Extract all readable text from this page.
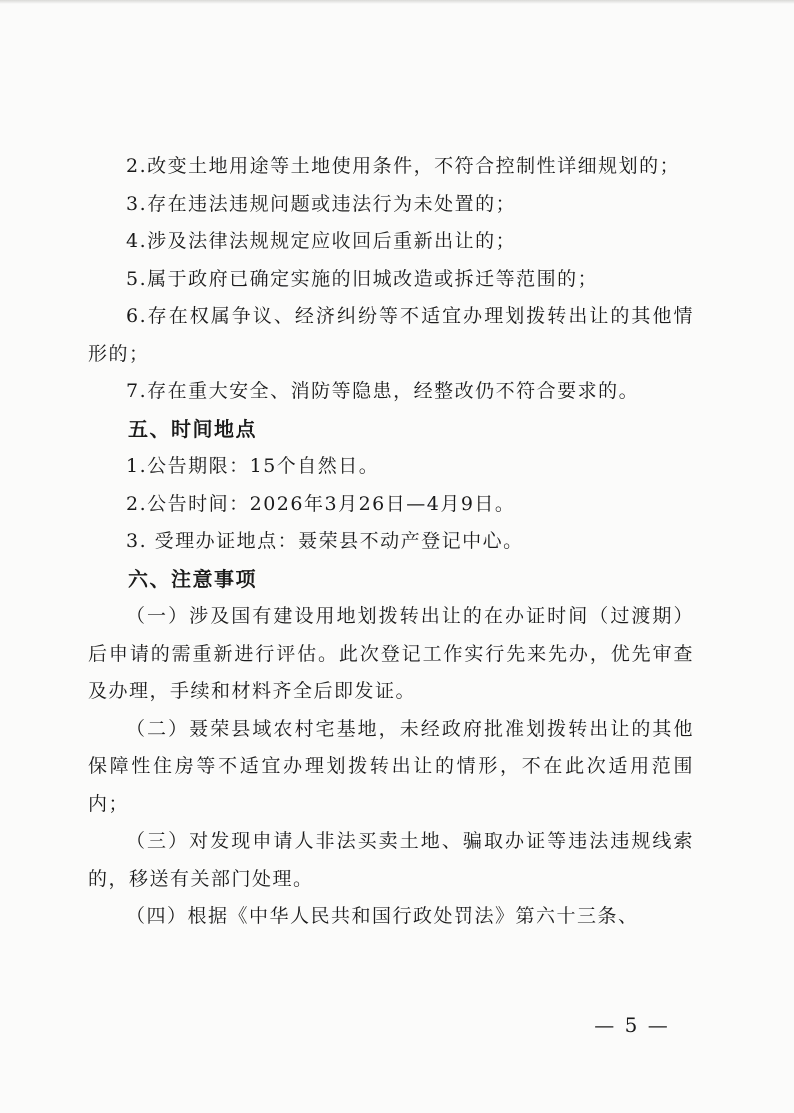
2.改变土地用途等土地使用条件，不符合控制性详细规划的；

3.存在违法违规问题或违法行为未处置的；

4.涉及法律法规规定应收回后重新出让的；

5.属于政府已确定实施的旧城改造或拆迁等范围的；

6.存在权属争议、经济纠纷等不适宜办理划拨转出让的其他情形的；

7.存在重大安全、消防等隐患，经整改仍不符合要求的。

五、时间地点

1.公告期限：15个自然日。

2.公告时间：2026年3月26日—4月9日。

3. 受理办证地点：聂荣县不动产登记中心。

六、注意事项

（一）涉及国有建设用地划拨转出让的在办证时间（过渡期）后申请的需重新进行评估。此次登记工作实行先来先办，优先审查及办理，手续和材料齐全后即发证。

（二）聂荣县域农村宅基地，未经政府批准划拨转出让的其他保障性住房等不适宜办理划拨转出让的情形，不在此次适用范围内；

（三）对发现申请人非法买卖土地、骗取办证等违法违规线索的，移送有关部门处理。

（四）根据《中华人民共和国行政处罚法》第六十三条、

— 5 —
